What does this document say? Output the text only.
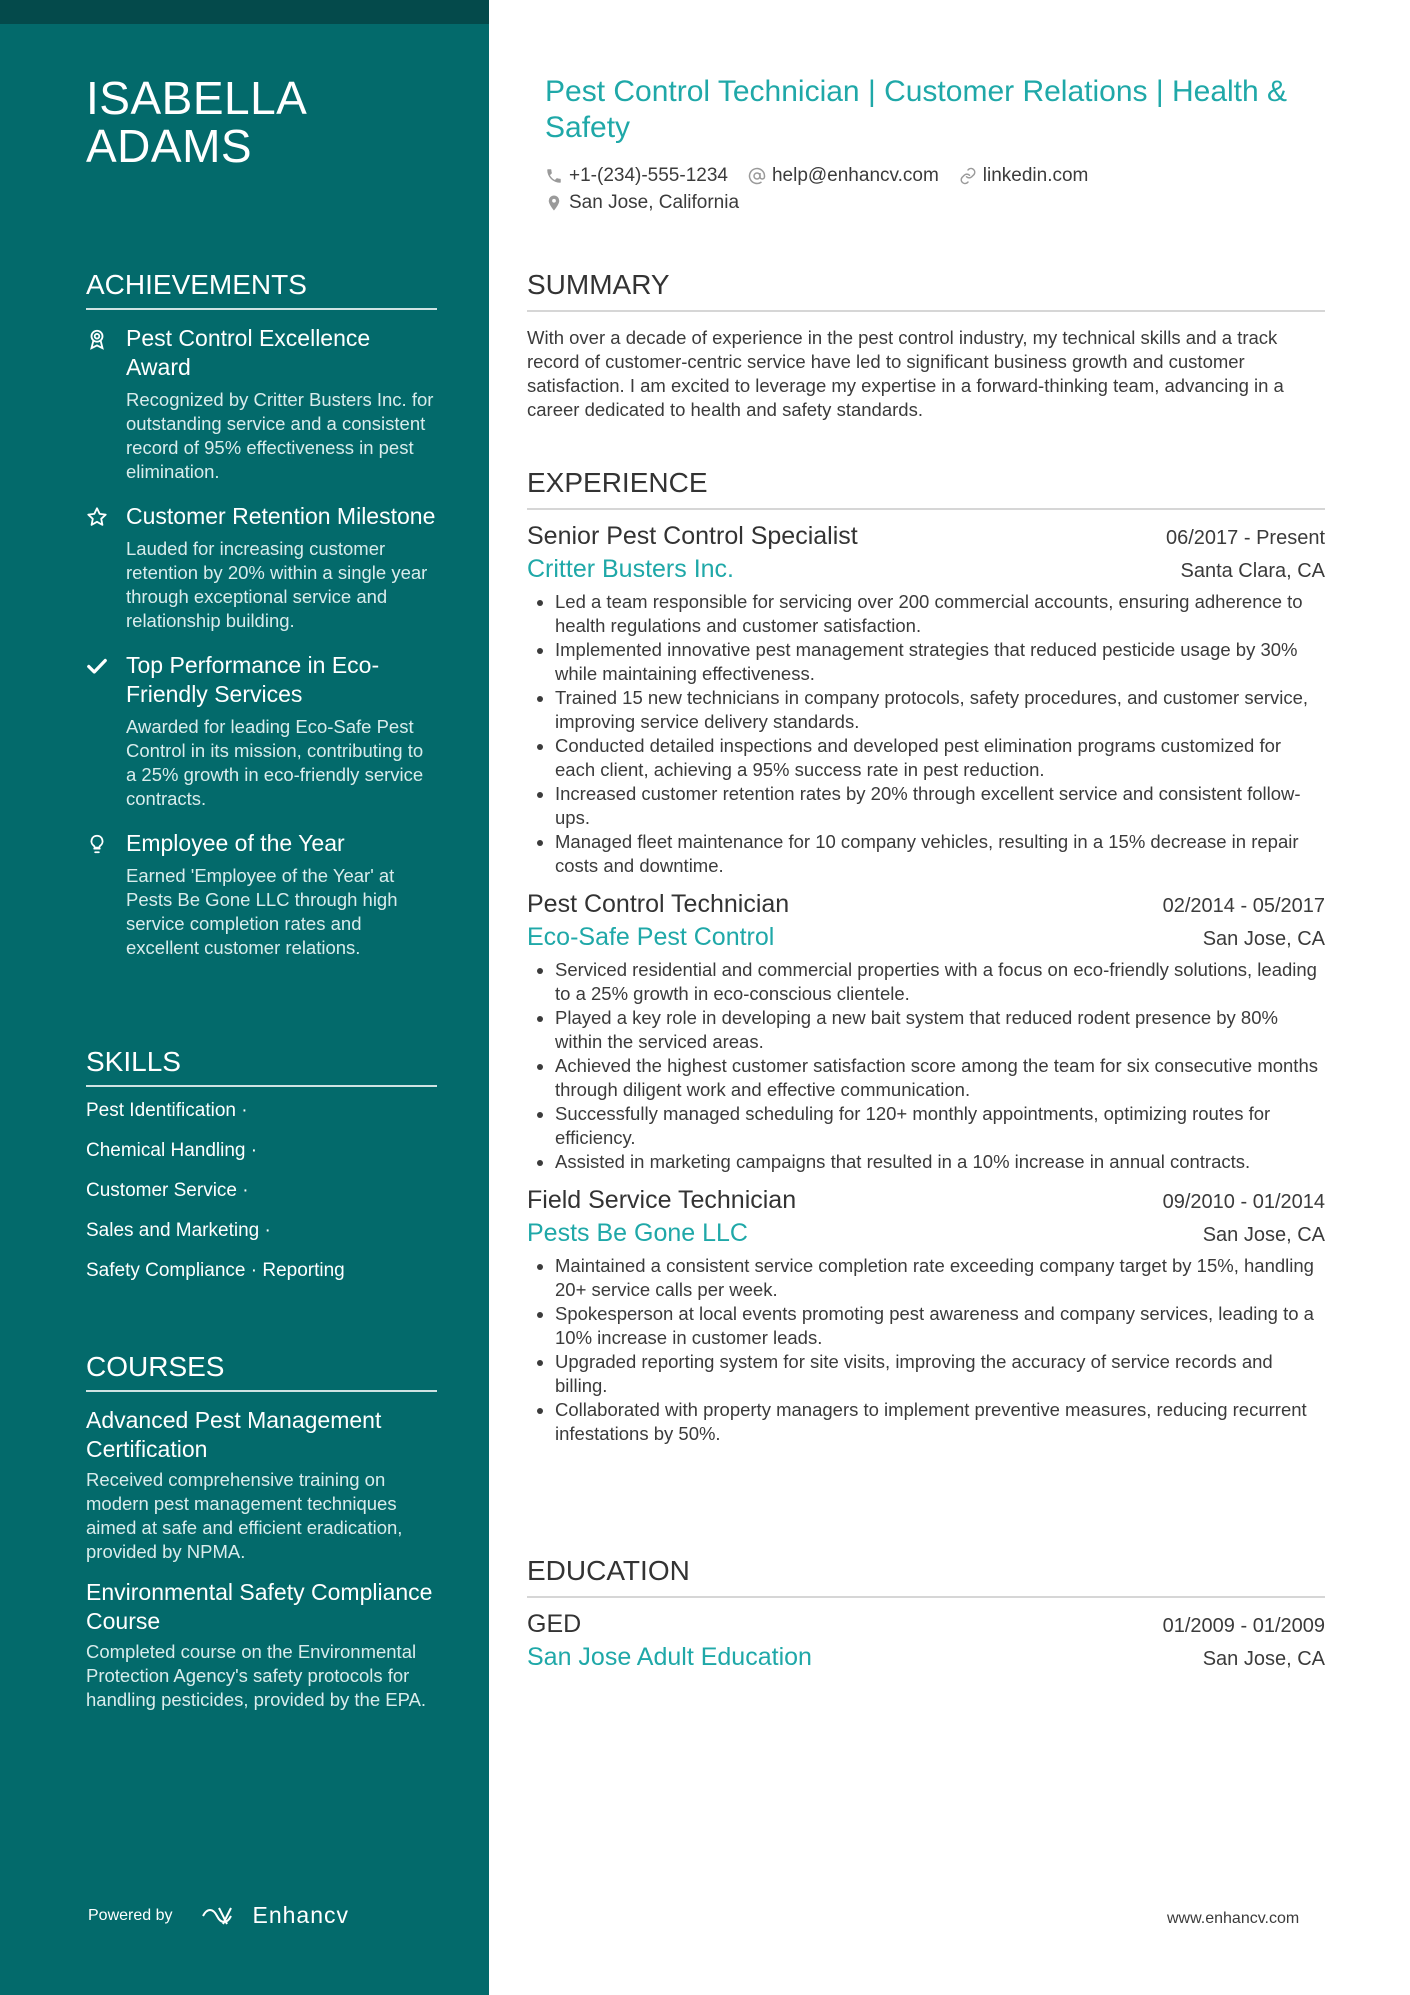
ISABELLA
ADAMS
ACHIEVEMENTS
Pest Control Excellence Award
Recognized by Critter Busters Inc. for outstanding service and a consistent record of 95% effectiveness in pest elimination.
Customer Retention Milestone
Lauded for increasing customer retention by 20% within a single year through exceptional service and relationship building.
Top Performance in Eco-Friendly Services
Awarded for leading Eco-Safe Pest Control in its mission, contributing to a 25% growth in eco-friendly service contracts.
Employee of the Year
Earned 'Employee of the Year' at Pests Be Gone LLC through high service completion rates and excellent customer relations.
SKILLS
Pest Identification ·
Chemical Handling ·
Customer Service ·
Sales and Marketing ·
Safety Compliance · Reporting
COURSES
Advanced Pest Management Certification
Received comprehensive training on modern pest management techniques aimed at safe and efficient eradication, provided by NPMA.
Environmental Safety Compliance Course
Completed course on the Environmental Protection Agency's safety protocols for handling pesticides, provided by the EPA.
Powered by	Enhancv
Pest Control Technician | Customer Relations | Health & Safety
+1-(234)-555-1234 help@enhancv.com linkedin.com
San Jose, California
SUMMARY
With over a decade of experience in the pest control industry, my technical skills and a track record of customer-centric service have led to significant business growth and customer satisfaction. I am excited to leverage my expertise in a forward-thinking team, advancing in a career dedicated to health and safety standards.
EXPERIENCE
Senior Pest Control Specialist	06/2017 - Present
Critter Busters Inc.	Santa Clara, CA
• Led a team responsible for servicing over 200 commercial accounts, ensuring adherence to health regulations and customer satisfaction.
• Implemented innovative pest management strategies that reduced pesticide usage by 30% while maintaining effectiveness.
• Trained 15 new technicians in company protocols, safety procedures, and customer service, improving service delivery standards.
• Conducted detailed inspections and developed pest elimination programs customized for each client, achieving a 95% success rate in pest reduction.
• Increased customer retention rates by 20% through excellent service and consistent follow-ups.
• Managed fleet maintenance for 10 company vehicles, resulting in a 15% decrease in repair costs and downtime.
Pest Control Technician	02/2014 - 05/2017
Eco-Safe Pest Control	San Jose, CA
• Serviced residential and commercial properties with a focus on eco-friendly solutions, leading to a 25% growth in eco-conscious clientele.
• Played a key role in developing a new bait system that reduced rodent presence by 80% within the serviced areas.
• Achieved the highest customer satisfaction score among the team for six consecutive months through diligent work and effective communication.
• Successfully managed scheduling for 120+ monthly appointments, optimizing routes for efficiency.
• Assisted in marketing campaigns that resulted in a 10% increase in annual contracts.
Field Service Technician	09/2010 - 01/2014
Pests Be Gone LLC	San Jose, CA
• Maintained a consistent service completion rate exceeding company target by 15%, handling 20+ service calls per week.
• Spokesperson at local events promoting pest awareness and company services, leading to a 10% increase in customer leads.
• Upgraded reporting system for site visits, improving the accuracy of service records and billing.
• Collaborated with property managers to implement preventive measures, reducing recurrent infestations by 50%.
EDUCATION
GED	01/2009 - 01/2009
San Jose Adult Education	San Jose, CA
www.enhancv.com
